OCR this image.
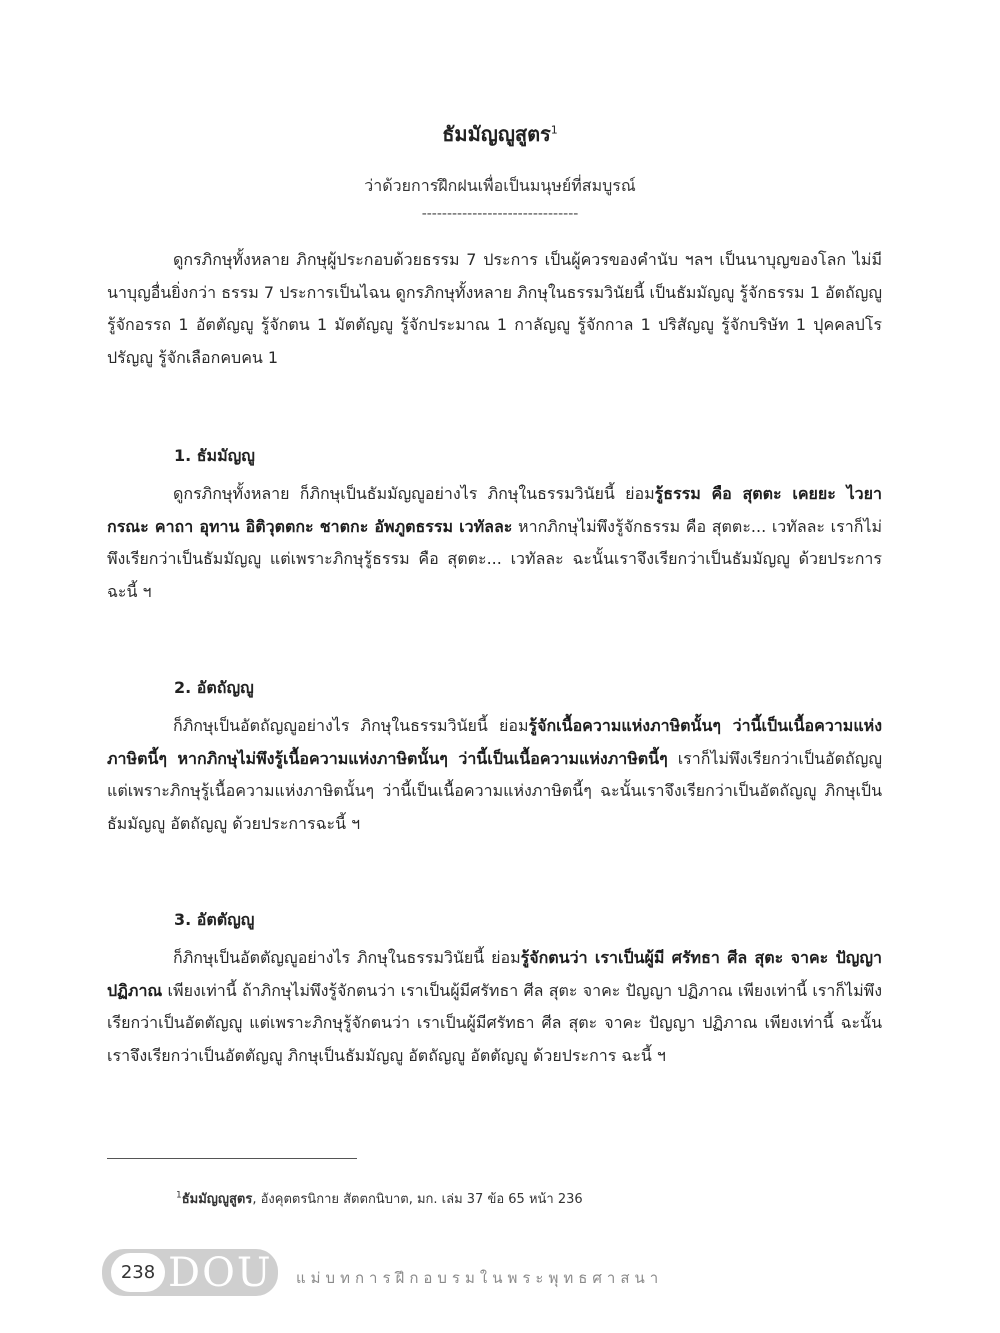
ธัมมัญญูสูตร$^1$
ว่าด้วยการฝึกฝนเพื่อเป็นมนุษย์ที่สมบูรณ์
-------------------------------

ดูกรภิกษุทั้งหลาย ภิกษุผู้ประกอบด้วยธรรม 7 ประการ เป็นผู้ควรของคำนับ ฯลฯ เป็นนาบุญของโลก ไม่มีนาบุญอื่นยิ่งกว่า ธรรม 7 ประการเป็นไฉน ดูกรภิกษุทั้งหลาย ภิกษุในธรรมวินัยนี้ เป็นธัมมัญญู รู้จักธรรม 1 อัตถัญญู รู้จักอรรถ 1 อัตตัญญู รู้จักตน 1 มัตตัญญู รู้จักประมาณ 1 กาลัญญู รู้จักกาล 1 ปริสัญญู รู้จักบริษัท 1 ปุคคลปโรปรัญญู รู้จักเลือกคบคน 1

1. ธัมมัญญู

ดูกรภิกษุทั้งหลาย ก็ภิกษุเป็นธัมมัญญูอย่างไร ภิกษุในธรรมวินัยนี้ ย่อมรู้ธรรม คือ สุตตะ เคยยะ ไวยากรณะ คาถา อุทาน อิติวุตตกะ ชาตกะ อัพภูตธรรม เวทัลละ หากภิกษุไม่พึงรู้จักธรรม คือ สุตตะ... เวทัลละ เราก็ไม่พึงเรียกว่าเป็นธัมมัญญู แต่เพราะภิกษุรู้ธรรม คือ สุตตะ... เวทัลละ ฉะนั้นเราจึงเรียกว่าเป็นธัมมัญญู ด้วยประการฉะนี้ ฯ

2. อัตถัญญู

ก็ภิกษุเป็นอัตถัญญูอย่างไร ภิกษุในธรรมวินัยนี้ ย่อมรู้จักเนื้อความแห่งภาษิตนั้นๆ ว่านี้เป็นเนื้อความแห่งภาษิตนี้ๆ หากภิกษุไม่พึงรู้เนื้อความแห่งภาษิตนั้นๆ ว่านี้เป็นเนื้อความแห่งภาษิตนี้ๆ เราก็ไม่พึงเรียกว่าเป็นอัตถัญญู แต่เพราะภิกษุรู้เนื้อความแห่งภาษิตนั้นๆ ว่านี้เป็นเนื้อความแห่งภาษิตนี้ๆ ฉะนั้นเราจึงเรียกว่าเป็นอัตถัญญู ภิกษุเป็นธัมมัญญู อัตถัญญู ด้วยประการฉะนี้ ฯ

3. อัตตัญญู

ก็ภิกษุเป็นอัตตัญญูอย่างไร ภิกษุในธรรมวินัยนี้ ย่อมรู้จักตนว่า เราเป็นผู้มี ศรัทธา ศีล สุตะ จาคะ ปัญญา ปฏิภาณ เพียงเท่านี้ ถ้าภิกษุไม่พึงรู้จักตนว่า เราเป็นผู้มีศรัทธา ศีล สุตะ จาคะ ปัญญา ปฏิภาณ เพียงเท่านี้ เราก็ไม่พึงเรียกว่าเป็นอัตตัญญู แต่เพราะภิกษุรู้จักตนว่า เราเป็นผู้มีศรัทธา ศีล สุตะ จาคะ ปัญญา ปฏิภาณ เพียงเท่านี้ ฉะนั้น เราจึงเรียกว่าเป็นอัตตัญญู ภิกษุเป็นธัมมัญญู อัตถัญญู อัตตัญญู ด้วยประการ ฉะนี้ ฯ

$^1$ธัมมัญญูสูตร, อังคุตตรนิกาย สัตตกนิบาต, มก. เล่ม 37 ข้อ 65 หน้า 236
238 DOU แม่บทการฝึกอบรมในพระพุทธศาสนา
